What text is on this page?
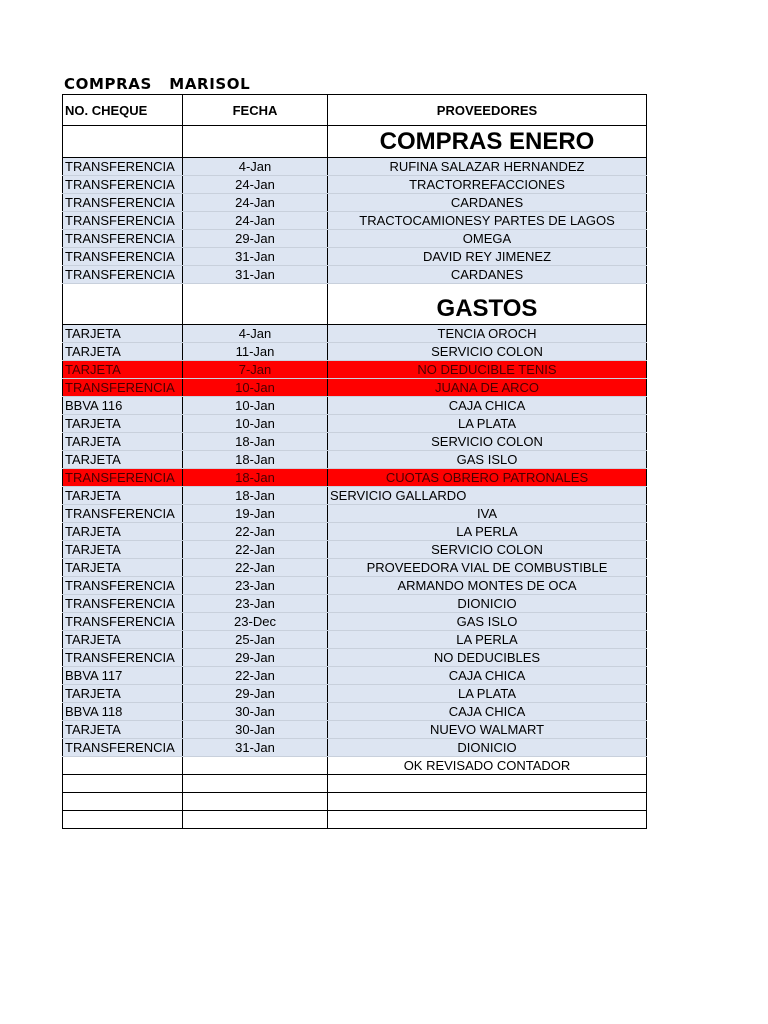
COMPRAS   MARISOL
NO. CHEQUE	FECHA	PROVEEDORES
		COMPRAS ENERO
TRANSFERENCIA	4-Jan	RUFINA SALAZAR HERNANDEZ
TRANSFERENCIA	24-Jan	TRACTORREFACCIONES
TRANSFERENCIA	24-Jan	CARDANES
TRANSFERENCIA	24-Jan	TRACTOCAMIONESY PARTES DE LAGOS
TRANSFERENCIA	29-Jan	OMEGA
TRANSFERENCIA	31-Jan	DAVID REY JIMENEZ
TRANSFERENCIA	31-Jan	CARDANES
		GASTOS
TARJETA	4-Jan	TENCIA OROCH
TARJETA	11-Jan	SERVICIO COLON
TARJETA	7-Jan	NO DEDUCIBLE TENIS
TRANSFERENCIA	10-Jan	JUANA DE ARCO
BBVA 116	10-Jan	CAJA CHICA
TARJETA	10-Jan	LA PLATA
TARJETA	18-Jan	SERVICIO COLON
TARJETA	18-Jan	GAS ISLO
TRANSFERENCIA	18-Jan	CUOTAS OBRERO PATRONALES
TARJETA	18-Jan	SERVICIO GALLARDO
TRANSFERENCIA	19-Jan	IVA
TARJETA	22-Jan	LA PERLA
TARJETA	22-Jan	SERVICIO COLON
TARJETA	22-Jan	PROVEEDORA VIAL DE COMBUSTIBLE
TRANSFERENCIA	23-Jan	ARMANDO MONTES DE OCA
TRANSFERENCIA	23-Jan	DIONICIO
TRANSFERENCIA	23-Dec	GAS ISLO
TARJETA	25-Jan	LA PERLA
TRANSFERENCIA	29-Jan	NO DEDUCIBLES
BBVA 117	22-Jan	CAJA CHICA
TARJETA	29-Jan	LA PLATA
BBVA 118	30-Jan	CAJA CHICA
TARJETA	30-Jan	NUEVO WALMART
TRANSFERENCIA	31-Jan	DIONICIO
		OK REVISADO CONTADOR
